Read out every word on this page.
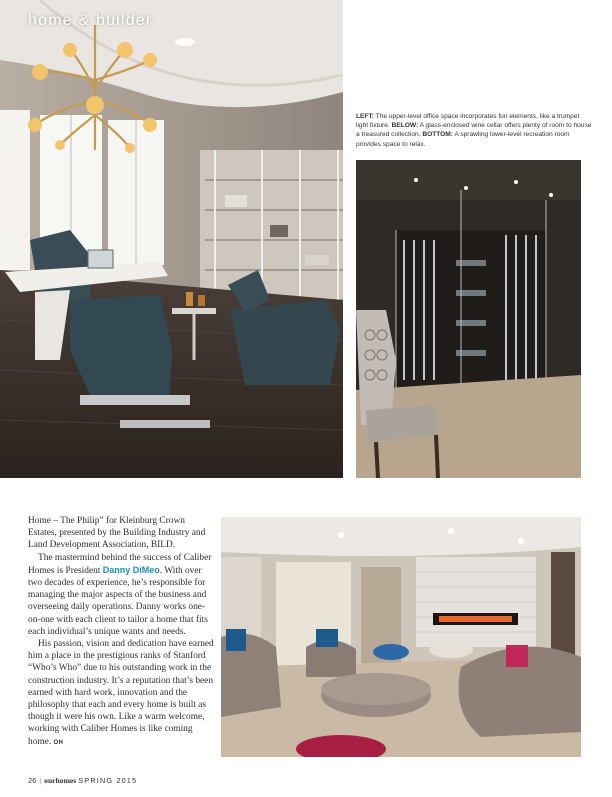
home & builder
LEFT: The upper-level office space incorporates fun elements, like a trumpet light fixture. BELOW: A glass-enclosed wine cellar offers plenty of room to house a treasured collection. BOTTOM: A sprawling lower-level recreation room provides space to relax.

Home – The Philip” for Kleinburg Crown Estates, presented by the Building Industry and Land Development Association, BILD.

The mastermind behind the success of Caliber Homes is President Danny DiMeo. With over two decades of experience, he’s responsible for managing the major aspects of the business and overseeing daily operations. Danny works one-on-one with each client to tailor a home that fits each individual’s unique wants and needs.

His passion, vision and dedication have earned him a place in the prestigious ranks of Stanford “Who’s Who” due to his outstanding work in the construction industry. It’s a reputation that’s been earned with hard work, innovation and the philosophy that each and every home is built as though it were his own. Like a warm welcome, working with Caliber Homes is like coming home. OH

26 | ourhomes SPRING 2015
